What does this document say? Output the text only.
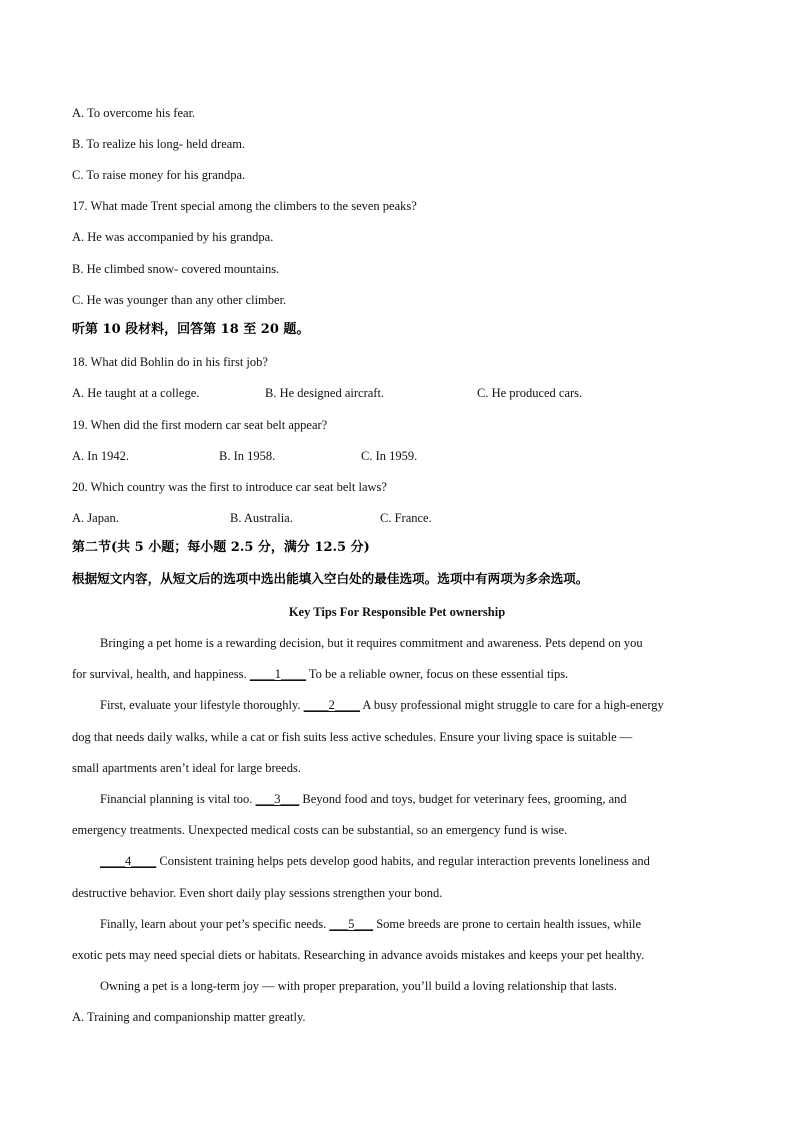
A. To overcome his fear.
B. To realize his long- held dream.
C. To raise money for his grandpa.
17. What made Trent special among the climbers to the seven peaks?
A. He was accompanied by his grandpa.
B. He climbed snow- covered mountains.
C. He was younger than any other climber.
听第 10 段材料，回答第 18 至 20 题。
18. What did Bohlin do in his first job?
A. He taught at a college.	B. He designed aircraft.	C. He produced cars.
19. When did the first modern car seat belt appear?
A. In 1942.	B. In 1958.	C. In 1959.
20. Which country was the first to introduce car seat belt laws?
A. Japan.	B. Australia.	C. France.
第二节(共 5 小题；每小题 2.5 分，满分 12.5 分)
根据短文内容，从短文后的选项中选出能填入空白处的最佳选项。选项中有两项为多余选项。
Key Tips For Responsible Pet ownership
Bringing a pet home is a rewarding decision, but it requires commitment and awareness. Pets depend on you
for survival, health, and happiness. ____1____ To be a reliable owner, focus on these essential tips.
First, evaluate your lifestyle thoroughly. ____2____ A busy professional might struggle to care for a high-energy
dog that needs daily walks, while a cat or fish suits less active schedules. Ensure your living space is suitable —
small apartments aren’t ideal for large breeds.
Financial planning is vital too. ___3___ Beyond food and toys, budget for veterinary fees, grooming, and
emergency treatments. Unexpected medical costs can be substantial, so an emergency fund is wise.
____4____ Consistent training helps pets develop good habits, and regular interaction prevents loneliness and
destructive behavior. Even short daily play sessions strengthen your bond.
Finally, learn about your pet’s specific needs. ___5___ Some breeds are prone to certain health issues, while
exotic pets may need special diets or habitats. Researching in advance avoids mistakes and keeps your pet healthy.
Owning a pet is a long-term joy — with proper preparation, you’ll build a loving relationship that lasts.
A. Training and companionship matter greatly.
